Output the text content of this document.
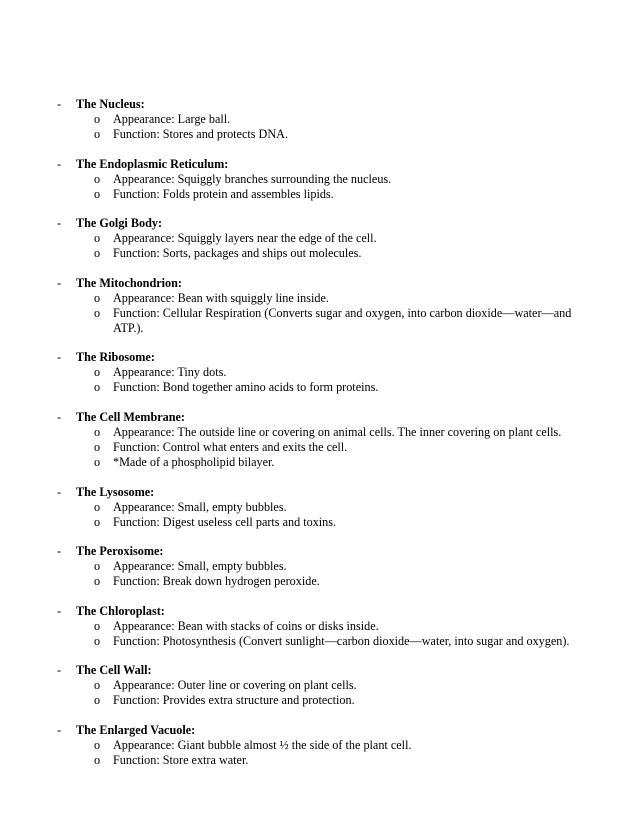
- The Nucleus:
o Appearance: Large ball.
o Function: Stores and protects DNA.
- The Endoplasmic Reticulum:
o Appearance: Squiggly branches surrounding the nucleus.
o Function: Folds protein and assembles lipids.
- The Golgi Body:
o Appearance: Squiggly layers near the edge of the cell.
o Function: Sorts, packages and ships out molecules.
- The Mitochondrion:
o Appearance: Bean with squiggly line inside.
o Function: Cellular Respiration (Converts sugar and oxygen, into carbon dioxide—water—and ATP.).
- The Ribosome:
o Appearance: Tiny dots.
o Function: Bond together amino acids to form proteins.
- The Cell Membrane:
o Appearance: The outside line or covering on animal cells. The inner covering on plant cells.
o Function: Control what enters and exits the cell.
o *Made of a phospholipid bilayer.
- The Lysosome:
o Appearance: Small, empty bubbles.
o Function: Digest useless cell parts and toxins.
- The Peroxisome:
o Appearance: Small, empty bubbles.
o Function: Break down hydrogen peroxide.
- The Chloroplast:
o Appearance: Bean with stacks of coins or disks inside.
o Function: Photosynthesis (Convert sunlight—carbon dioxide—water, into sugar and oxygen).
- The Cell Wall:
o Appearance: Outer line or covering on plant cells.
o Function: Provides extra structure and protection.
- The Enlarged Vacuole:
o Appearance: Giant bubble almost ½ the side of the plant cell.
o Function: Store extra water.
